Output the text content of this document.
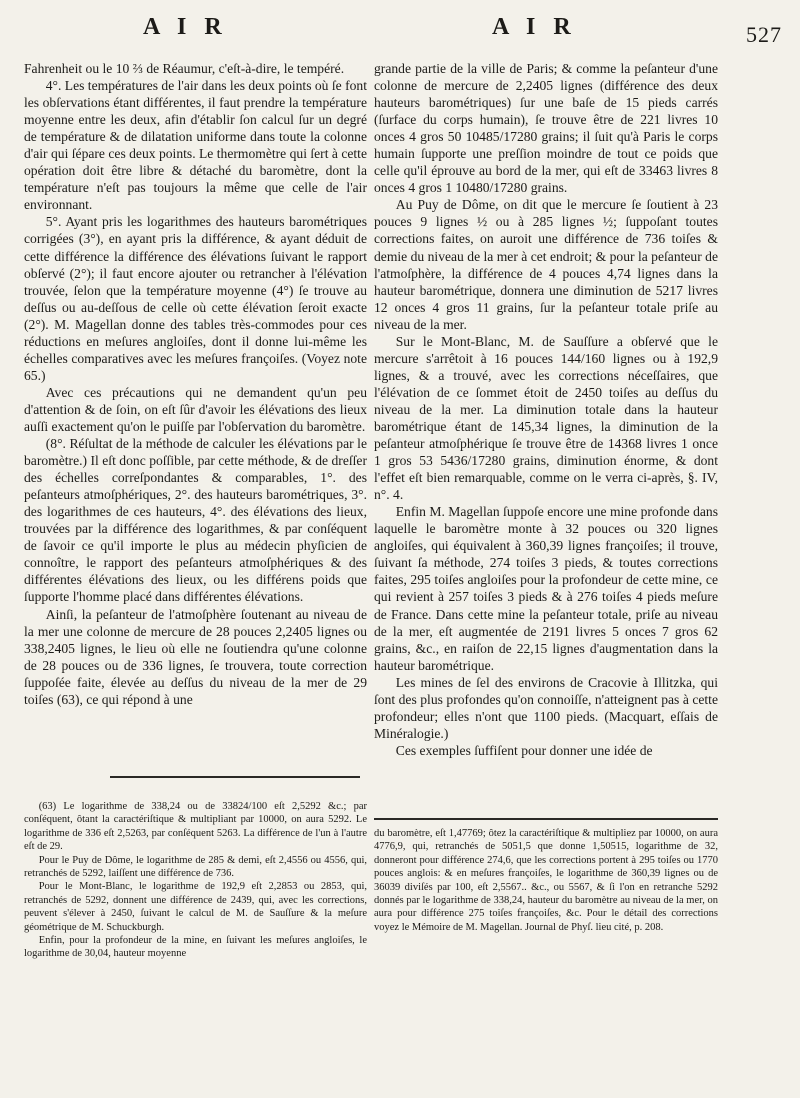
A I R	A I R	527

Fahrenheit ou le 10 ⅔ de Réaumur, c'eſt-à-dire, le tempéré.

4°. Les températures de l'air dans les deux points où ſe font les obſervations étant différentes, il faut prendre la température moyenne entre les deux, afin d'établir ſon calcul ſur un degré de température & de dilatation uniforme dans toute la colonne d'air qui ſépare ces deux points. Le thermomètre qui ſert à cette opération doit être libre & détaché du baromètre, dont la température n'eſt pas toujours la même que celle de l'air environnant.

5°. Ayant pris les logarithmes des hauteurs barométriques corrigées (3°), en ayant pris la différence, & ayant déduit de cette différence la différence des élévations ſuivant le rapport obſervé (2°); il faut encore ajouter ou retrancher à l'élévation trouvée, ſelon que la température moyenne (4°) ſe trouve au deſſus ou au-deſſous de celle où cette élévation ſeroit exacte (2°). M. Magellan donne des tables très-commodes pour ces réductions en meſures angloiſes, dont il donne lui-même les échelles comparatives avec les meſures françoiſes. (Voyez note 65.)

Avec ces précautions qui ne demandent qu'un peu d'attention & de ſoin, on eſt ſûr d'avoir les élévations des lieux auſſi exactement qu'on le puiſſe par l'obſervation du baromètre.

(8°. Réſultat de la méthode de calculer les élévations par le baromètre.) Il eſt donc poſſible, par cette méthode, & de dreſſer des échelles correſpondantes & comparables, 1°. des peſanteurs atmoſphériques, 2°. des hauteurs barométriques, 3°. des logarithmes de ces hauteurs, 4°. des élévations des lieux, trouvées par la différence des logarithmes, & par conſéquent de ſavoir ce qu'il importe le plus au médecin phyſicien de connoître, le rapport des peſanteurs atmoſphériques & des différentes élévations des lieux, ou les différens poids que ſupporte l'homme placé dans différentes élévations.

Ainſi, la peſanteur de l'atmoſphère ſoutenant au niveau de la mer une colonne de mercure de 28 pouces 2,2405 lignes ou 338,2405 lignes, le lieu où elle ne ſoutiendra qu'une colonne de 28 pouces ou de 336 lignes, ſe trouvera, toute correction ſuppoſée faite, élevée au deſſus du niveau de la mer de 29 toiſes (63), ce qui répond à une

grande partie de la ville de Paris; & comme la peſanteur d'une colonne de mercure de 2,2405 lignes (différence des deux hauteurs barométriques) ſur une baſe de 15 pieds carrés (ſurface du corps humain), ſe trouve être de 221 livres 10 onces 4 gros 50 10485/17280 grains; il ſuit qu'à Paris le corps humain ſupporte une preſſion moindre de tout ce poids que celle qu'il éprouve au bord de la mer, qui eſt de 33463 livres 8 onces 4 gros 1 10480/17280 grains.

Au Puy de Dôme, on dit que le mercure ſe ſoutient à 23 pouces 9 lignes ½ ou à 285 lignes ½; ſuppoſant toutes corrections faites, on auroit une différence de 736 toiſes & demie du niveau de la mer à cet endroit; & pour la peſanteur de l'atmoſphère, la différence de 4 pouces 4,74 lignes dans la hauteur barométrique, donnera une diminution de 5217 livres 12 onces 4 gros 11 grains, ſur la peſanteur totale priſe au niveau de la mer.

Sur le Mont-Blanc, M. de Sauſſure a obſervé que le mercure s'arrêtoit à 16 pouces 144/160 lignes ou à 192,9 lignes, & a trouvé, avec les corrections néceſſaires, que l'élévation de ce ſommet étoit de 2450 toiſes au deſſus du niveau de la mer. La diminution totale dans la hauteur barométrique étant de 145,34 lignes, la diminution de la peſanteur atmoſphérique ſe trouve être de 14368 livres 1 once 1 gros 53 5436/17280 grains, diminution énorme, & dont l'effet eſt bien remarquable, comme on le verra ci-après, §. IV, n°. 4.

Enfin M. Magellan ſuppoſe encore une mine profonde dans laquelle le baromètre monte à 32 pouces ou 320 lignes angloiſes, qui équivalent à 360,39 lignes françoiſes; il trouve, ſuivant ſa méthode, 274 toiſes 3 pieds, & toutes corrections faites, 295 toiſes angloiſes pour la profondeur de cette mine, ce qui revient à 257 toiſes 3 pieds & à 276 toiſes 4 pieds meſure de France. Dans cette mine la peſanteur totale, priſe au niveau de la mer, eſt augmentée de 2191 livres 5 onces 7 gros 62 grains, &c., en raiſon de 22,15 lignes d'augmentation dans la hauteur barométrique.

Les mines de ſel des environs de Cracovie à Illitzka, qui ſont des plus profondes qu'on connoiſſe, n'atteignent pas à cette profondeur; elles n'ont que 1100 pieds. (Macquart, eſſais de Minéralogie.)

Ces exemples ſuffiſent pour donner une idée de

(63) Le logarithme de 338,24 ou de 33824/100 eſt 2,5292 &c.; par conſéquent, ôtant la caractériſtique & multipliant par 10000, on aura 5292. Le logarithme de 336 eſt 2,5263, par conſéquent 5263. La différence de l'un à l'autre eſt de 29.

Pour le Puy de Dôme, le logarithme de 285 & demi, eſt 2,4556 ou 4556, qui, retranchés de 5292, laiſſent une différence de 736.

Pour le Mont-Blanc, le logarithme de 192,9 eſt 2,2853 ou 2853, qui, retranchés de 5292, donnent une différence de 2439, qui, avec les corrections, peuvent s'élever à 2450, ſuivant le calcul de M. de Sauſſure & la meſure géométrique de M. Schuckburgh.

Enfin, pour la profondeur de la mine, en ſuivant les meſures angloiſes, le logarithme de 30,04, hauteur moyenne

du baromètre, eſt 1,47769; ôtez la caractériſtique & multipliez par 10000, on aura 4776,9, qui, retranchés de 5051,5 que donne 1,50515, logarithme de 32, donneront pour différence 274,6, que les corrections portent à 295 toiſes ou 1770 pouces anglois: & en meſures françoiſes, le logarithme de 360,39 lignes ou de 36039 diviſés par 100, eſt 2,5567.. &c., ou 5567, & ſi l'on en retranche 5292 donnés par le logarithme de 338,24, hauteur du baromètre au niveau de la mer, on aura pour différence 275 toiſes françoiſes, &c. Pour le détail des corrections voyez le Mémoire de M. Magellan. Journal de Phyſ. lieu cité, p. 208.
